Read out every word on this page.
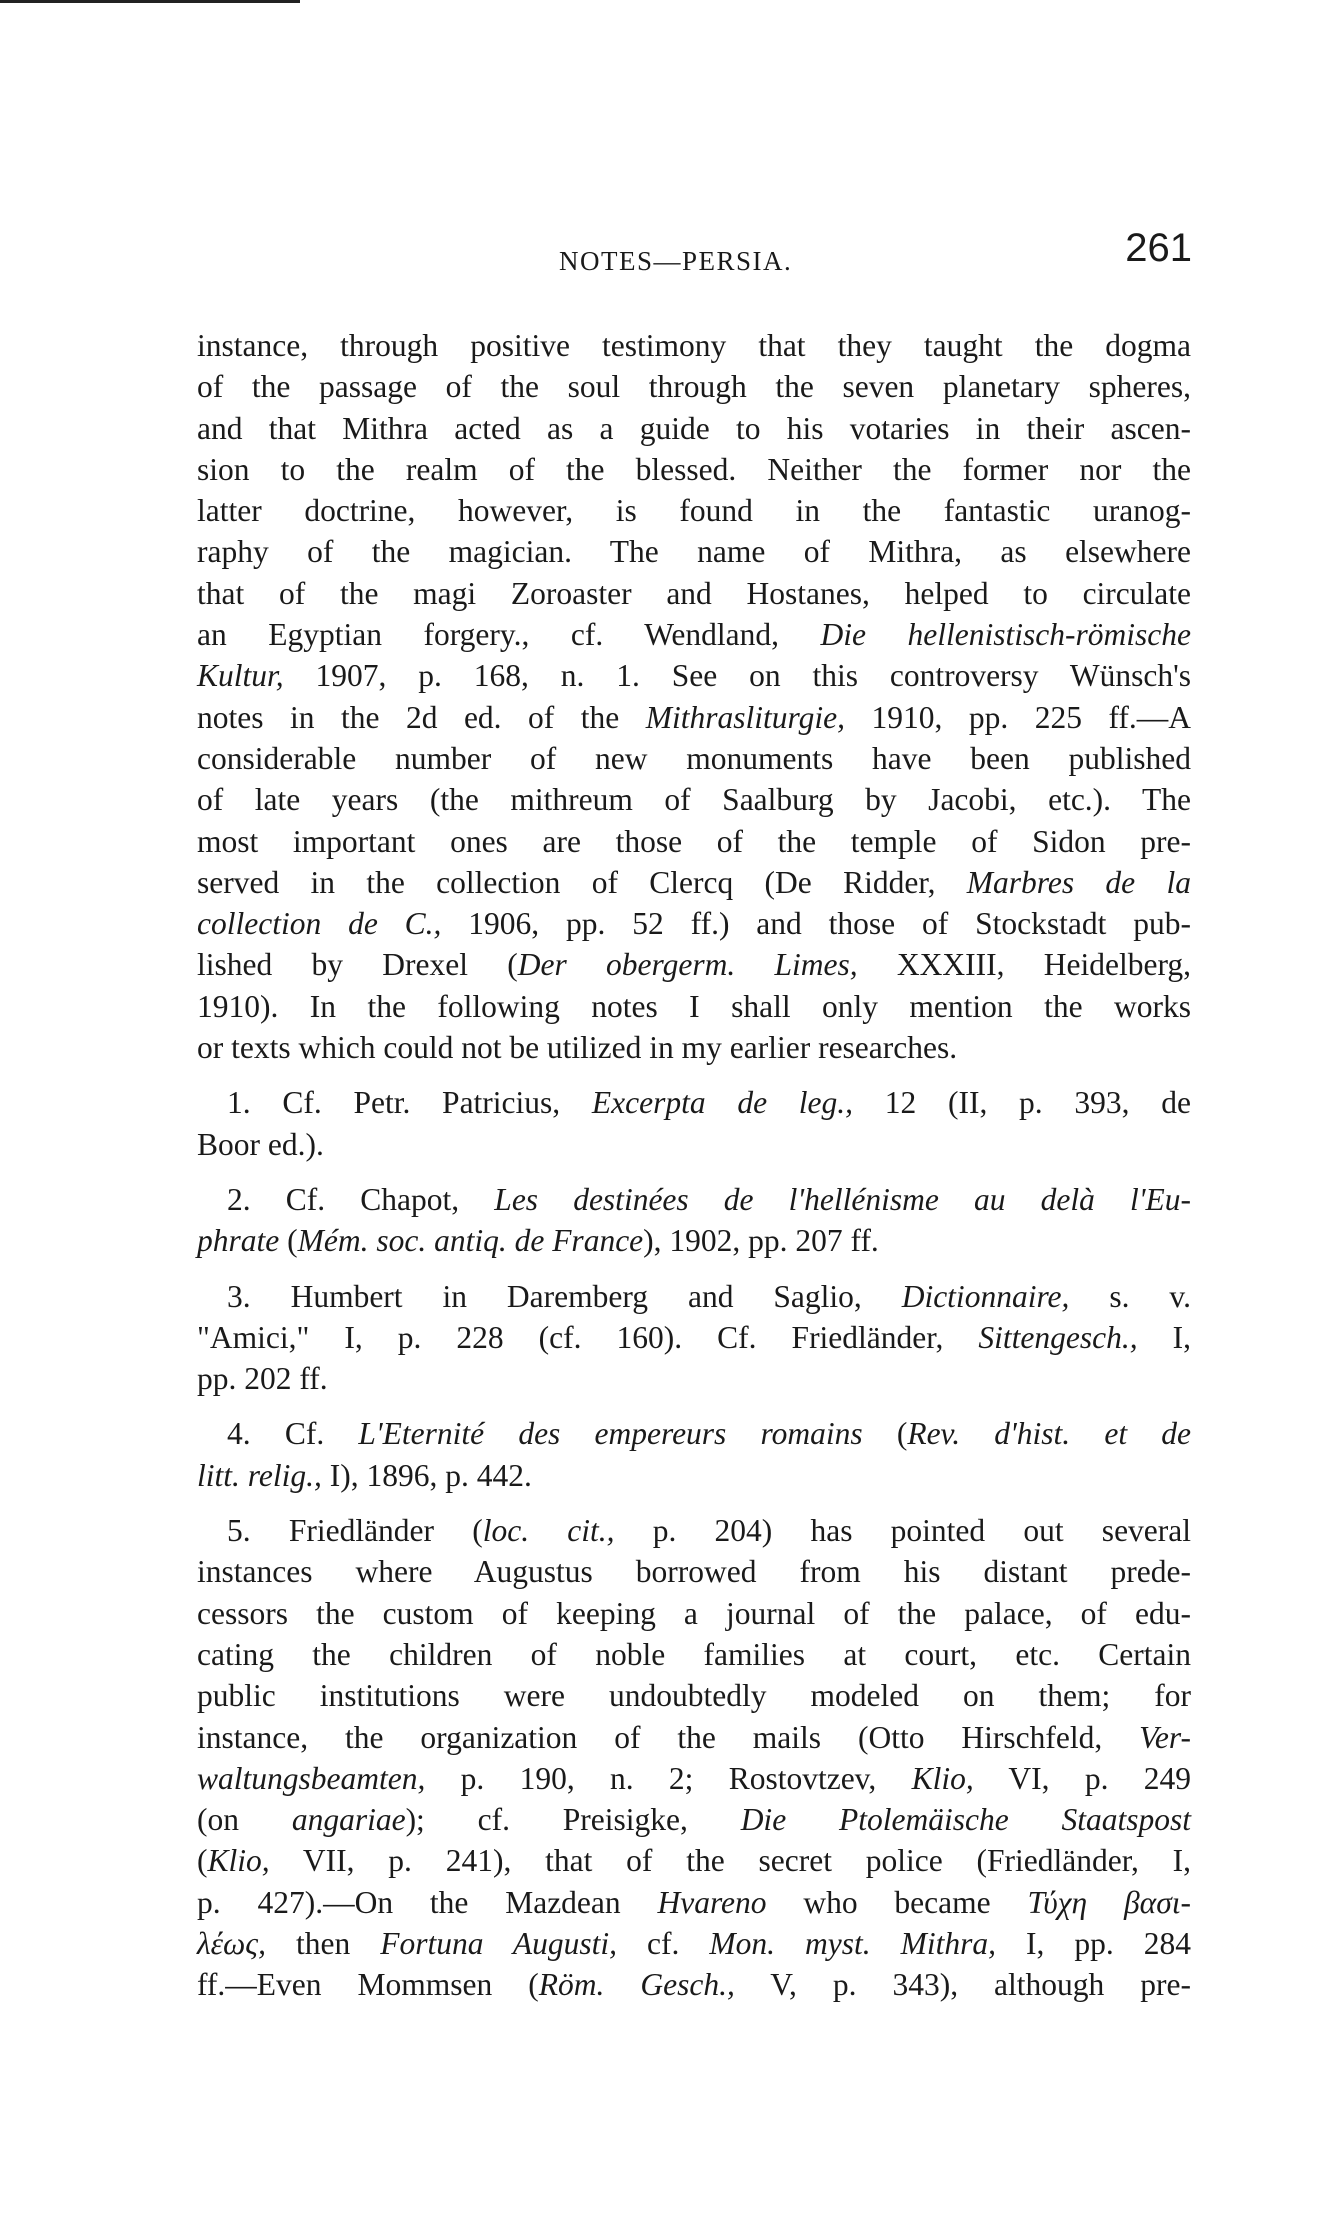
NOTES—PERSIA.	261
instance, through positive testimony that they taught the dogma
of the passage of the soul through the seven planetary spheres,
and that Mithra acted as a guide to his votaries in their ascen-
sion to the realm of the blessed. Neither the former nor the
latter doctrine, however, is found in the fantastic uranog-
raphy of the magician. The name of Mithra, as elsewhere
that of the magi Zoroaster and Hostanes, helped to circulate
an Egyptian forgery., cf. Wendland, Die hellenistisch-römische
Kultur, 1907, p. 168, n. 1. See on this controversy Wünsch's
notes in the 2d ed. of the Mithrasliturgie, 1910, pp. 225 ff.—A
considerable number of new monuments have been published
of late years (the mithreum of Saalburg by Jacobi, etc.). The
most important ones are those of the temple of Sidon pre-
served in the collection of Clercq (De Ridder, Marbres de la
collection de C., 1906, pp. 52 ff.) and those of Stockstadt pub-
lished by Drexel (Der obergerm. Limes, XXXIII, Heidelberg,
1910). In the following notes I shall only mention the works
or texts which could not be utilized in my earlier researches.
1. Cf. Petr. Patricius, Excerpta de leg., 12 (II, p. 393, de
Boor ed.).
2. Cf. Chapot, Les destinées de l'hellénisme au delà l'Eu-
phrate (Mém. soc. antiq. de France), 1902, pp. 207 ff.
3. Humbert in Daremberg and Saglio, Dictionnaire, s. v.
"Amici," I, p. 228 (cf. 160). Cf. Friedländer, Sittengesch., I,
pp. 202 ff.
4. Cf. L'Eternité des empereurs romains (Rev. d'hist. et de
litt. relig., I), 1896, p. 442.
5. Friedländer (loc. cit., p. 204) has pointed out several
instances where Augustus borrowed from his distant prede-
cessors the custom of keeping a journal of the palace, of edu-
cating the children of noble families at court, etc. Certain
public institutions were undoubtedly modeled on them; for
instance, the organization of the mails (Otto Hirschfeld, Ver-
waltungsbeamten, p. 190, n. 2; Rostovtzev, Klio, VI, p. 249
(on angariae); cf. Preisigke, Die Ptolemäische Staatspost
(Klio, VII, p. 241), that of the secret police (Friedländer, I,
p. 427).—On the Mazdean Hvareno who became Τύχη βασι-
λέως, then Fortuna Augusti, cf. Mon. myst. Mithra, I, pp. 284
ff.—Even Mommsen (Röm. Gesch., V, p. 343), although pre-
